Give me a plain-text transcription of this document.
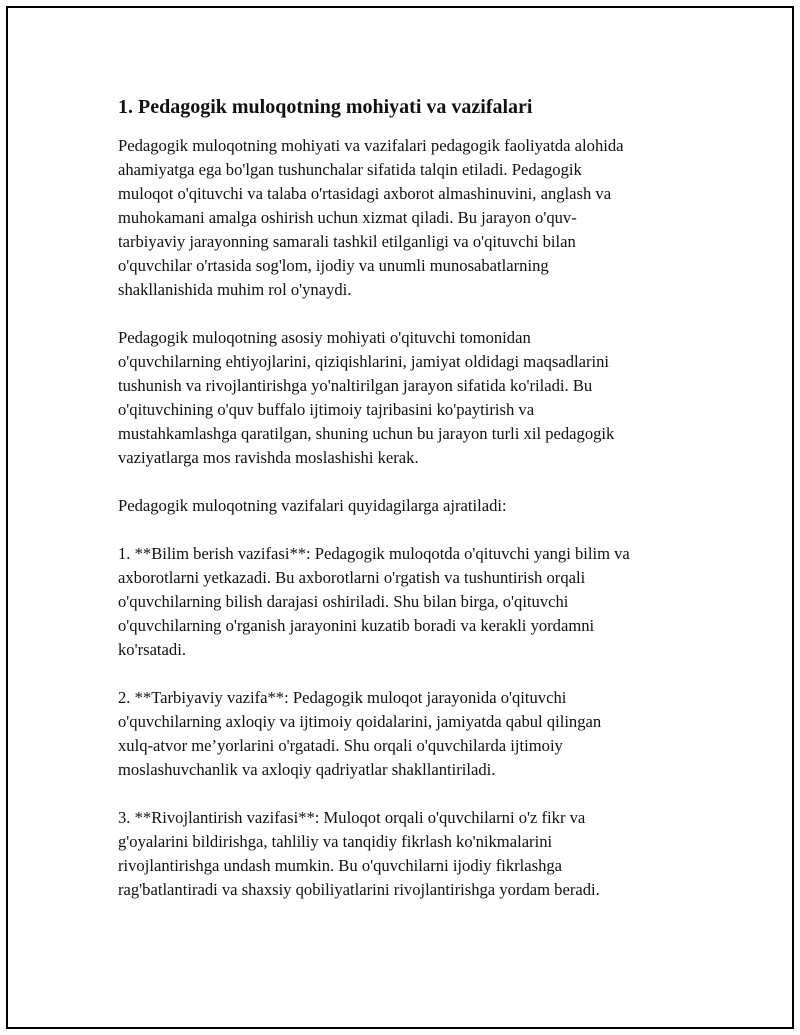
1. Pedagogik muloqotning mohiyati va vazifalari

Pedagogik muloqotning mohiyati va vazifalari pedagogik faoliyatda alohida
ahamiyatga ega bo'lgan tushunchalar sifatida talqin etiladi. Pedagogik
muloqot o'qituvchi va talaba o'rtasidagi axborot almashinuvini, anglash va
muhokamani amalga oshirish uchun xizmat qiladi. Bu jarayon o'quv-
tarbiyaviy jarayonning samarali tashkil etilganligi va o'qituvchi bilan
o'quvchilar o'rtasida sog'lom, ijodiy va unumli munosabatlarning
shakllanishida muhim rol o'ynaydi.

Pedagogik muloqotning asosiy mohiyati o'qituvchi tomonidan
o'quvchilarning ehtiyojlarini, qiziqishlarini, jamiyat oldidagi maqsadlarini
tushunish va rivojlantirishga yo'naltirilgan jarayon sifatida ko'riladi. Bu
o'qituvchining o'quv buffalo ijtimoiy tajribasini ko'paytirish va
mustahkamlashga qaratilgan, shuning uchun bu jarayon turli xil pedagogik
vaziyatlarga mos ravishda moslashishi kerak.

Pedagogik muloqotning vazifalari quyidagilarga ajratiladi:

1. **Bilim berish vazifasi**: Pedagogik muloqotda o'qituvchi yangi bilim va
axborotlarni yetkazadi. Bu axborotlarni o'rgatish va tushuntirish orqali
o'quvchilarning bilish darajasi oshiriladi. Shu bilan birga, o'qituvchi
o'quvchilarning o'rganish jarayonini kuzatib boradi va kerakli yordamni
ko'rsatadi.

2. **Tarbiyaviy vazifa**: Pedagogik muloqot jarayonida o'qituvchi
o'quvchilarning axloqiy va ijtimoiy qoidalarini, jamiyatda qabul qilingan
xulq-atvor me’yorlarini o'rgatadi. Shu orqali o'quvchilarda ijtimoiy
moslashuvchanlik va axloqiy qadriyatlar shakllantiriladi.

3. **Rivojlantirish vazifasi**: Muloqot orqali o'quvchilarni o'z fikr va
g'oyalarini bildirishga, tahliliy va tanqidiy fikrlash ko'nikmalarini
rivojlantirishga undash mumkin. Bu o'quvchilarni ijodiy fikrlashga
rag'batlantiradi va shaxsiy qobiliyatlarini rivojlantirishga yordam beradi.
